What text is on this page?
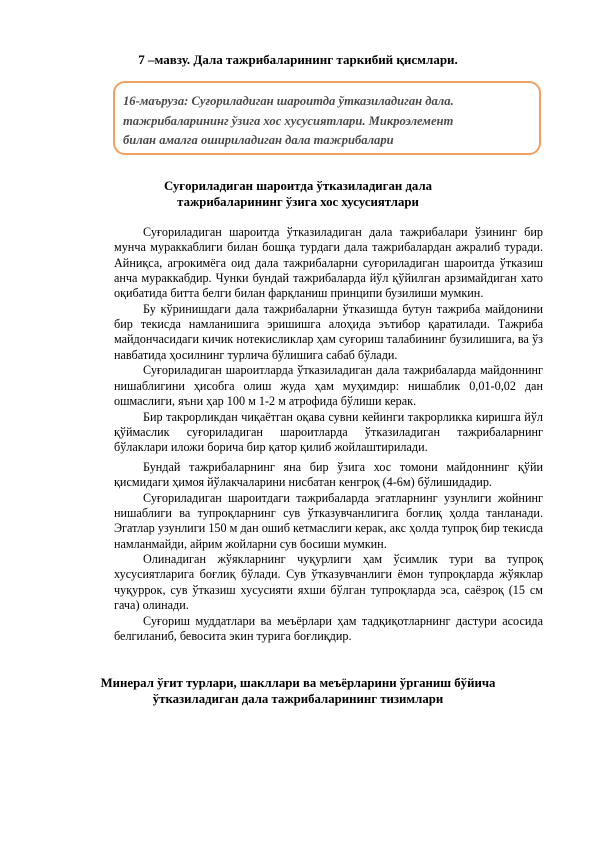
7 –мавзу. Дала тажрибаларининг таркибий қисмлари.
16-маъруза: Суғориладиган шароитда ўтказиладиган дала.
тажрибаларининг ўзига хос хусусиятлари. Микроэлемент
билан амалга ошириладиган дала тажрибалари
Суғориладиган шароитда ўтказиладиган дала
тажрибаларининг ўзига хос хусусиятлари

Суғориладиган шароитда ўтказиладиган дала тажрибалари ўзининг бир мунча мураккаблиги билан бошқа турдаги дала тажрибалардан ажралиб туради. Айниқса, агрокимёга оид дала тажрибаларни суғориладиган шароитда ўтказиш анча мураккабдир. Чунки бундай тажрибаларда йўл қўйилган арзимайдиган хато оқибатида битта белги билан фарқланиш принципи бузилиши мумкин.

Бу кўринишдаги дала тажрибаларни ўтказишда бутун тажриба майдонини бир текисда намланишига эришишга алоҳида эътибор қаратилади. Тажриба майдончасидаги кичик нотекисликлар ҳам суғориш талабининг бузилишига, ва ўз навбатида ҳосилнинг турлича бўлишига сабаб бўлади.

Суғориладиган шароитларда ўтказиладиган дала тажрибаларда майдоннинг нишаблигини ҳисобга олиш жуда ҳам муҳимдир: нишаблик 0,01-0,02 дан ошмаслиги, яъни ҳар 100 м 1-2 м атрофида бўлиши керак.

Бир такрорликдан чиқаётган оқава сувни кейинги такрорликка киришга йўл қўймаслик суғориладиган шароитларда ўтказиладиган тажрибаларнинг бўлаклари иложи борича бир қатор қилиб жойлаштирилади.

Бундай тажрибаларнинг яна бир ўзига хос томони майдоннинг қўйи қисмидаги ҳимоя йўлакчаларини нисбатан кенгроқ (4-6м) бўлишидадир.

Суғориладиган шароитдаги тажрибаларда эгатларнинг узунлиги жойнинг нишаблиги ва тупроқларнинг сув ўтказувчанлигига боғлиқ ҳолда танланади. Эгатлар узунлиги 150 м дан ошиб кетмаслиги керак, акс ҳолда тупроқ бир текисда намланмайди, айрим жойларни сув босиши мумкин.

Олинадиган жўякларнинг чуқурлиги ҳам ўсимлик тури ва тупроқ хусусиятларига боғлиқ бўлади. Сув ўтказувчанлиги ёмон тупроқларда жўяклар чуқуррок, сув ўтказиш хусусияти яхши бўлган тупроқларда эса, саёзроқ (15 см гача) олинади.

Суғориш муддатлари ва меъёрлари ҳам тадқиқотларнинг дастури асосида белгиланиб, бевосита экин турига боғлиқдир.

Минерал ўғит турлари, шакллари ва меъёрларини ўрганиш бўйича
ўтказиладиган дала тажрибаларининг тизимлари
